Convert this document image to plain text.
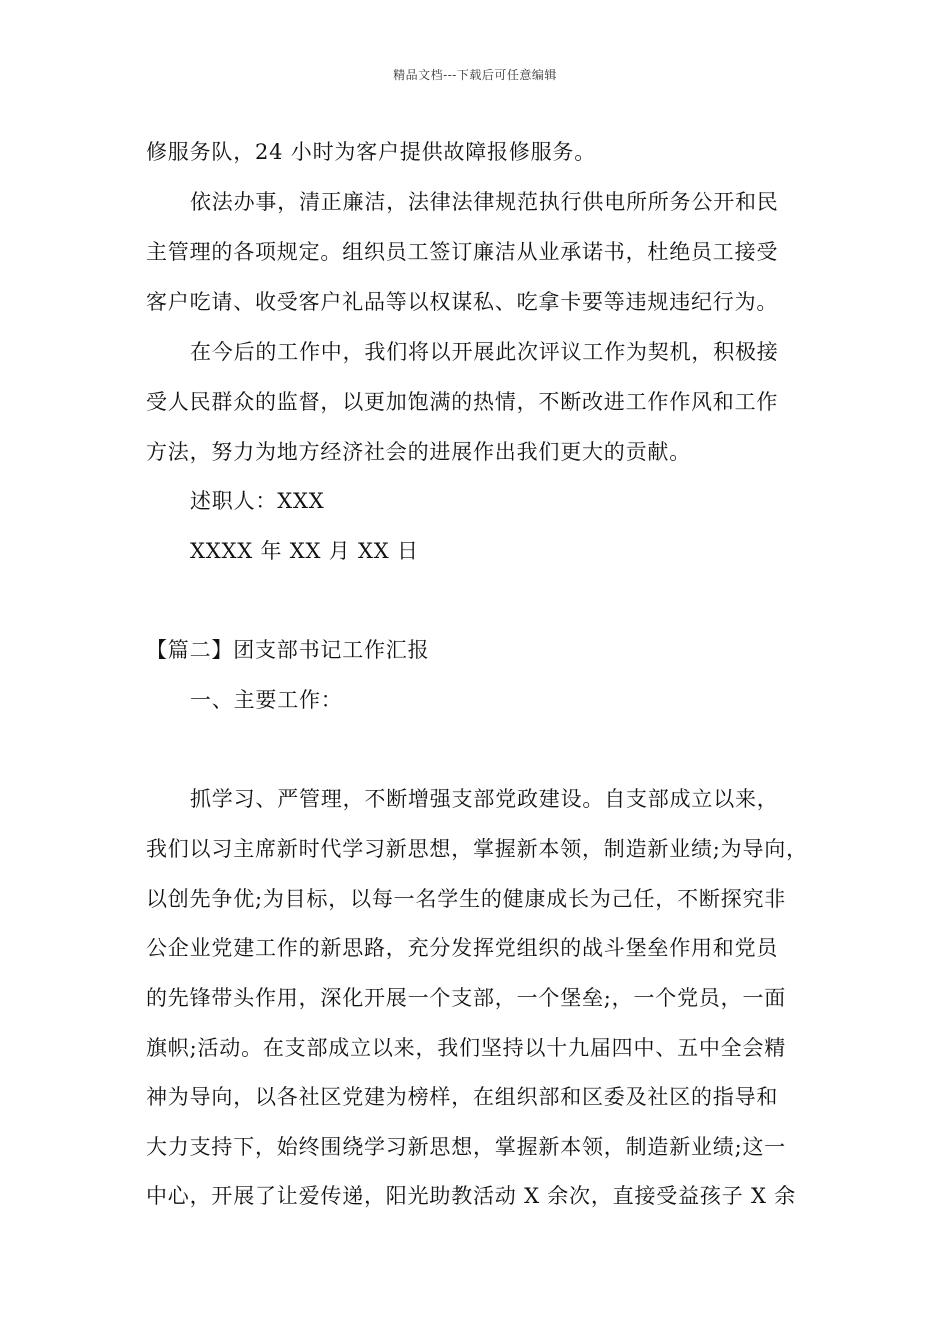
精品文档---下载后可任意编辑
修服务队，24 小时为客户提供故障报修服务。
依法办事，清正廉洁，法律法律规范执行供电所所务公开和民
主管理的各项规定。组织员工签订廉洁从业承诺书，杜绝员工接受
客户吃请、收受客户礼品等以权谋私、吃拿卡要等违规违纪行为。
在今后的工作中，我们将以开展此次评议工作为契机，积极接
受人民群众的监督，以更加饱满的热情，不断改进工作作风和工作
方法，努力为地方经济社会的进展作出我们更大的贡献。
述职人：XXX
XXXX 年 XX 月 XX 日
【篇二】团支部书记工作汇报
一、主要工作：
抓学习、严管理，不断增强支部党政建设。自支部成立以来，
我们以习主席新时代学习新思想，掌握新本领，制造新业绩;为导向，
以创先争优;为目标，以每一名学生的健康成长为己任，不断探究非
公企业党建工作的新思路，充分发挥党组织的战斗堡垒作用和党员
的先锋带头作用，深化开展一个支部，一个堡垒;，一个党员，一面
旗帜;活动。在支部成立以来，我们坚持以十九届四中、五中全会精
神为导向，以各社区党建为榜样，在组织部和区委及社区的指导和
大力支持下，始终围绕学习新思想，掌握新本领，制造新业绩;这一
中心，开展了让爱传递，阳光助教活动 X 余次，直接受益孩子 X 余
